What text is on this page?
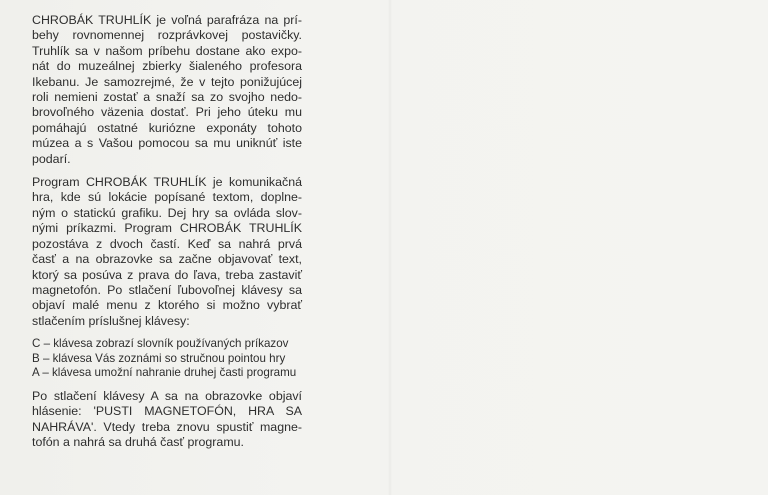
CHROBÁK TRUHLÍK je voľná parafráza na prí-
behy rovnomennej rozprávkovej postavičky.
Truhlík sa v našom príbehu dostane ako expo-
nát do muzeálnej zbierky šialeného profesora
Ikebanu. Je samozrejmé, že v tejto ponižujúcej
roli nemieni zostať a snaží sa zo svojho nedo-
brovoľného väzenia dostať. Pri jeho úteku mu
pomáhajú ostatné kuriózne exponáty tohoto
múzea a s Vašou pomocou sa mu uniknúť iste
podarí.

Program CHROBÁK TRUHLÍK je komunikačná
hra, kde sú lokácie popísané textom, doplne-
ným o statickú grafiku. Dej hry sa ovláda slov-
nými príkazmi. Program CHROBÁK TRUHLÍK
pozostáva z dvoch častí. Keď sa nahrá prvá
časť a na obrazovke sa začne objavovať text,
ktorý sa posúva z prava do ľava, treba zastaviť
magnetofón. Po stlačení ľubovoľnej klávesy sa
objaví malé menu z ktorého si možno vybrať
stlačením príslušnej klávesy:

C – klávesa zobrazí slovník používaných príkazov
B – klávesa Vás zoznámi so stručnou pointou hry
A – klávesa umožní nahranie druhej časti programu

Po stlačení klávesy A sa na obrazovke objaví
hlásenie: 'PUSTI MAGNETOFÓN, HRA SA
NAHRÁVA'. Vtedy treba znovu spustiť magne-
tofón a nahrá sa druhá časť programu.
